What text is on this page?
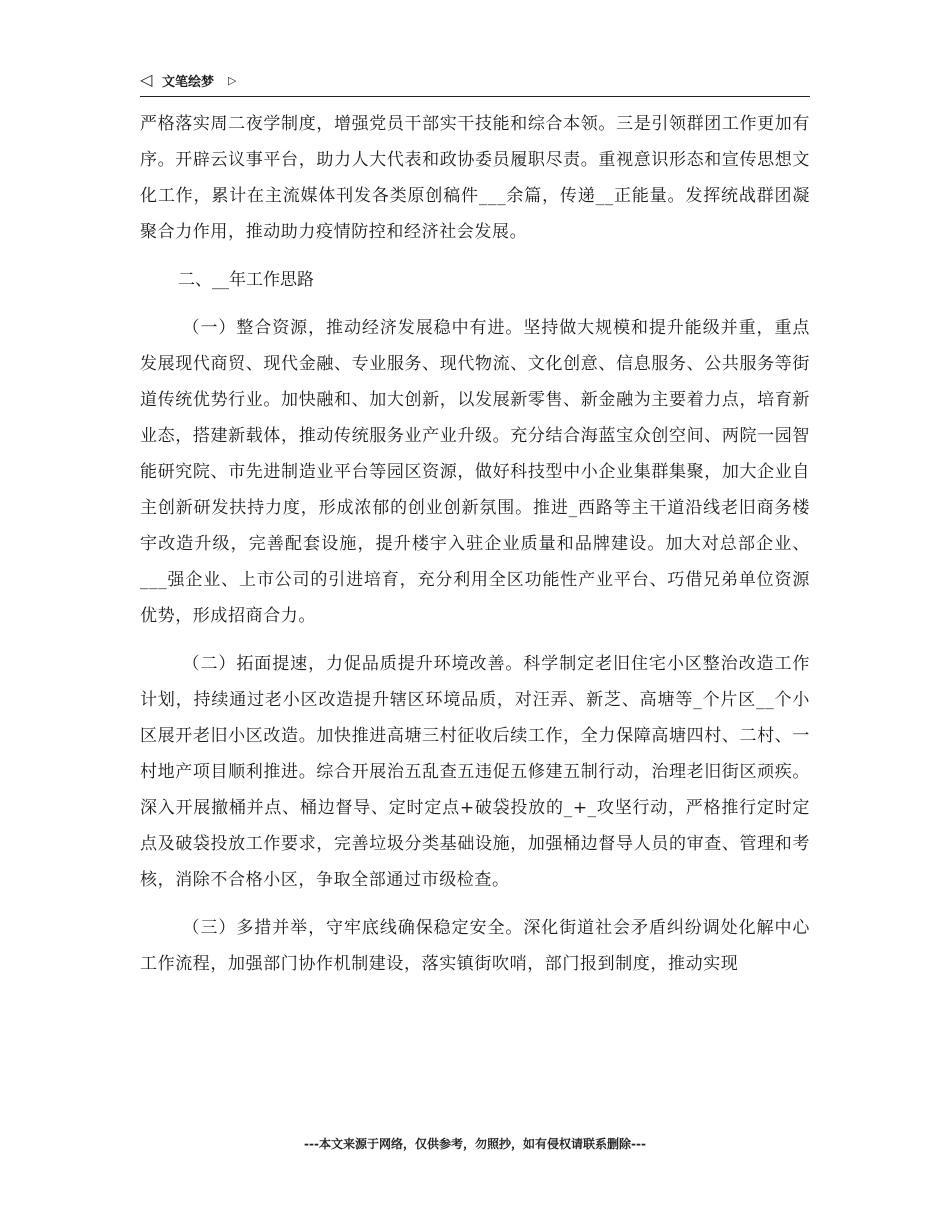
◁ 文笔绘梦 ▷

严格落实周二夜学制度，增强党员干部实干技能和综合本领。三是引领群团工作更加有序。开辟云议事平台，助力人大代表和政协委员履职尽责。重视意识形态和宣传思想文化工作，累计在主流媒体刊发各类原创稿件___余篇，传递__正能量。发挥统战群团凝聚合力作用，推动助力疫情防控和经济社会发展。

二、__年工作思路

（一）整合资源，推动经济发展稳中有进。坚持做大规模和提升能级并重，重点发展现代商贸、现代金融、专业服务、现代物流、文化创意、信息服务、公共服务等街道传统优势行业。加快融和、加大创新，以发展新零售、新金融为主要着力点，培育新业态，搭建新载体，推动传统服务业产业升级。充分结合海蓝宝众创空间、两院一园智能研究院、市先进制造业平台等园区资源，做好科技型中小企业集群集聚，加大企业自主创新研发扶持力度，形成浓郁的创业创新氛围。推进_西路等主干道沿线老旧商务楼宇改造升级，完善配套设施，提升楼宇入驻企业质量和品牌建设。加大对总部企业、___强企业、上市公司的引进培育，充分利用全区功能性产业平台、巧借兄弟单位资源优势，形成招商合力。

（二）拓面提速，力促品质提升环境改善。科学制定老旧住宅小区整治改造工作计划，持续通过老小区改造提升辖区环境品质，对汪弄、新芝、高塘等_个片区__个小区展开老旧小区改造。加快推进高塘三村征收后续工作，全力保障高塘四村、二村、一村地产项目顺利推进。综合开展治五乱查五违促五修建五制行动，治理老旧街区顽疾。深入开展撤桶并点、桶边督导、定时定点+破袋投放的_+_攻坚行动，严格推行定时定点及破袋投放工作要求，完善垃圾分类基础设施，加强桶边督导人员的审查、管理和考核，消除不合格小区，争取全部通过市级检查。

（三）多措并举，守牢底线确保稳定安全。深化街道社会矛盾纠纷调处化解中心工作流程，加强部门协作机制建设，落实镇街吹哨，部门报到制度，推动实现

---本文来源于网络，仅供参考，勿照抄，如有侵权请联系删除---
